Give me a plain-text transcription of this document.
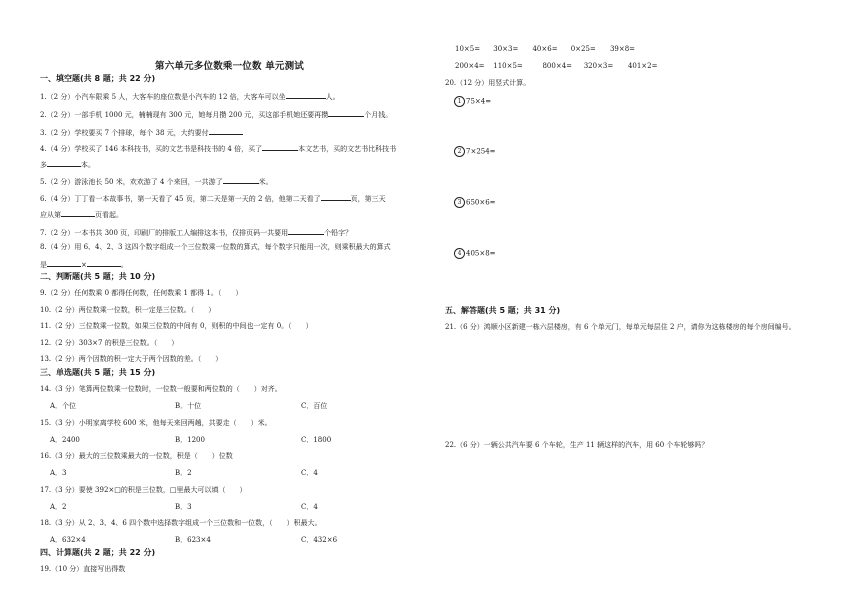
第六单元多位数乘一位数 单元测试
一、填空题(共 8 题；共 22 分)
1.（2 分）小汽车限乘 5 人，大客车的座位数是小汽车的 12 倍，大客车可以坐	人。
2.（2 分）一部手机 1000 元，楠楠现有 300 元，她每月攒 200 元，买这部手机她还要再攒	个月钱。
3.（2 分）学校要买 7 个排球，每个 38 元，大约要付
4.（4 分）学校买了 146 本科技书，买的文艺书是科技书的 4 倍，买了	本文艺书，买的文艺书比科技书
多	本。
5.（2 分）游泳池长 50 米，欢欢游了 4 个来回，一共游了	米。
6.（4 分）丁丁看一本故事书，第一天看了 45 页，第二天是第一天的 2 倍，他第二天看了	页，第三天
应从第	页看起。
7.（2 分）一本书共 300 页，印刷厂的排版工人编排这本书，仅排页码一共要用	个铅字？
8.（4 分）用 6、4、2、3 这四个数字组成一个三位数乘一位数的算式，每个数字只能用一次，则乘积最大的算式
是	×	。
二、判断题(共 5 题；共 10 分)
9.（2 分）任何数乘 0 都得任何数，任何数乘 1 都得 1。（　　）
10.（2 分）两位数乘一位数，积一定是三位数。（　　）
11.（2 分）三位数乘一位数，如果三位数的中间有 0，则积的中间也一定有 0。（　　）
12.（2 分）303×7 的积是三位数。（　　）
13.（2 分）两个因数的积一定大于两个因数的差。（　　）
三、单选题(共 5 题；共 15 分)
14.（3 分）笔算两位数乘一位数时，一位数一般要和两位数的（　　）对齐。
A．个位	B．十位	C．百位
15.（3 分）小明家离学校 600 米，他每天来回两趟，共要走（　　）米。
A．2400	B．1200	C．1800
16.（3 分）最大的三位数乘最大的一位数，积是（　　）位数
A．3	B．2	C．4
17.（3 分）要使 392×□的积是三位数，□里最大可以填（　　）
A．2	B．3	C．4
18.（3 分）从 2、3、4、6 四个数中选择数字组成一个三位数和一位数，（　　）积最大。
A．632×4	B．623×4	C．432×6
四、计算题(共 2 题；共 22 分)
19.（10 分）直接写出得数
10×5= 30×3= 40×6= 0×25= 39×8=
200×4= 110×5=	800×4= 320×3= 401×2=
20.（12 分）用竖式计算。
1 75×4=
2 7×254=
3 650×6=
4 405×8=
五、解答题(共 5 题；共 31 分)
21.（6 分）鸿顺小区新建一栋六层楼房，有 6 个单元门，每单元每层住 2 户，请你为这栋楼房的每个房间编号。
22.（6 分）一辆公共汽车要 6 个车轮，生产 11 辆这样的汽车，用 60 个车轮够吗？
